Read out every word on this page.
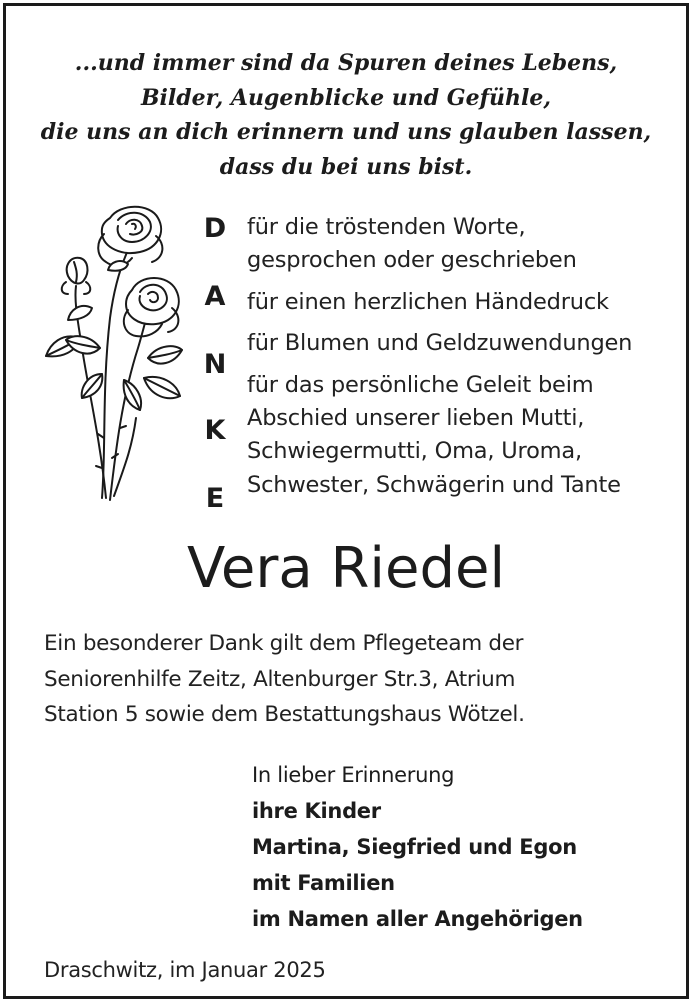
...und immer sind da Spuren deines Lebens,
Bilder, Augenblicke und Gefühle,
die uns an dich erinnern und uns glauben lassen,
dass du bei uns bist.
D
A
N
K
E
für die tröstenden Worte,
gesprochen oder geschrieben
für einen herzlichen Händedruck
für Blumen und Geldzuwendungen
für das persönliche Geleit beim
Abschied unserer lieben Mutti,
Schwiegermutti, Oma, Uroma,
Schwester, Schwägerin und Tante
Vera Riedel
Ein besonderer Dank gilt dem Pflegeteam der
Seniorenhilfe Zeitz, Altenburger Str.3, Atrium
Station 5 sowie dem Bestattungshaus Wötzel.
In lieber Erinnerung
ihre Kinder
Martina, Siegfried und Egon
mit Familien
im Namen aller Angehörigen
Draschwitz, im Januar 2025
